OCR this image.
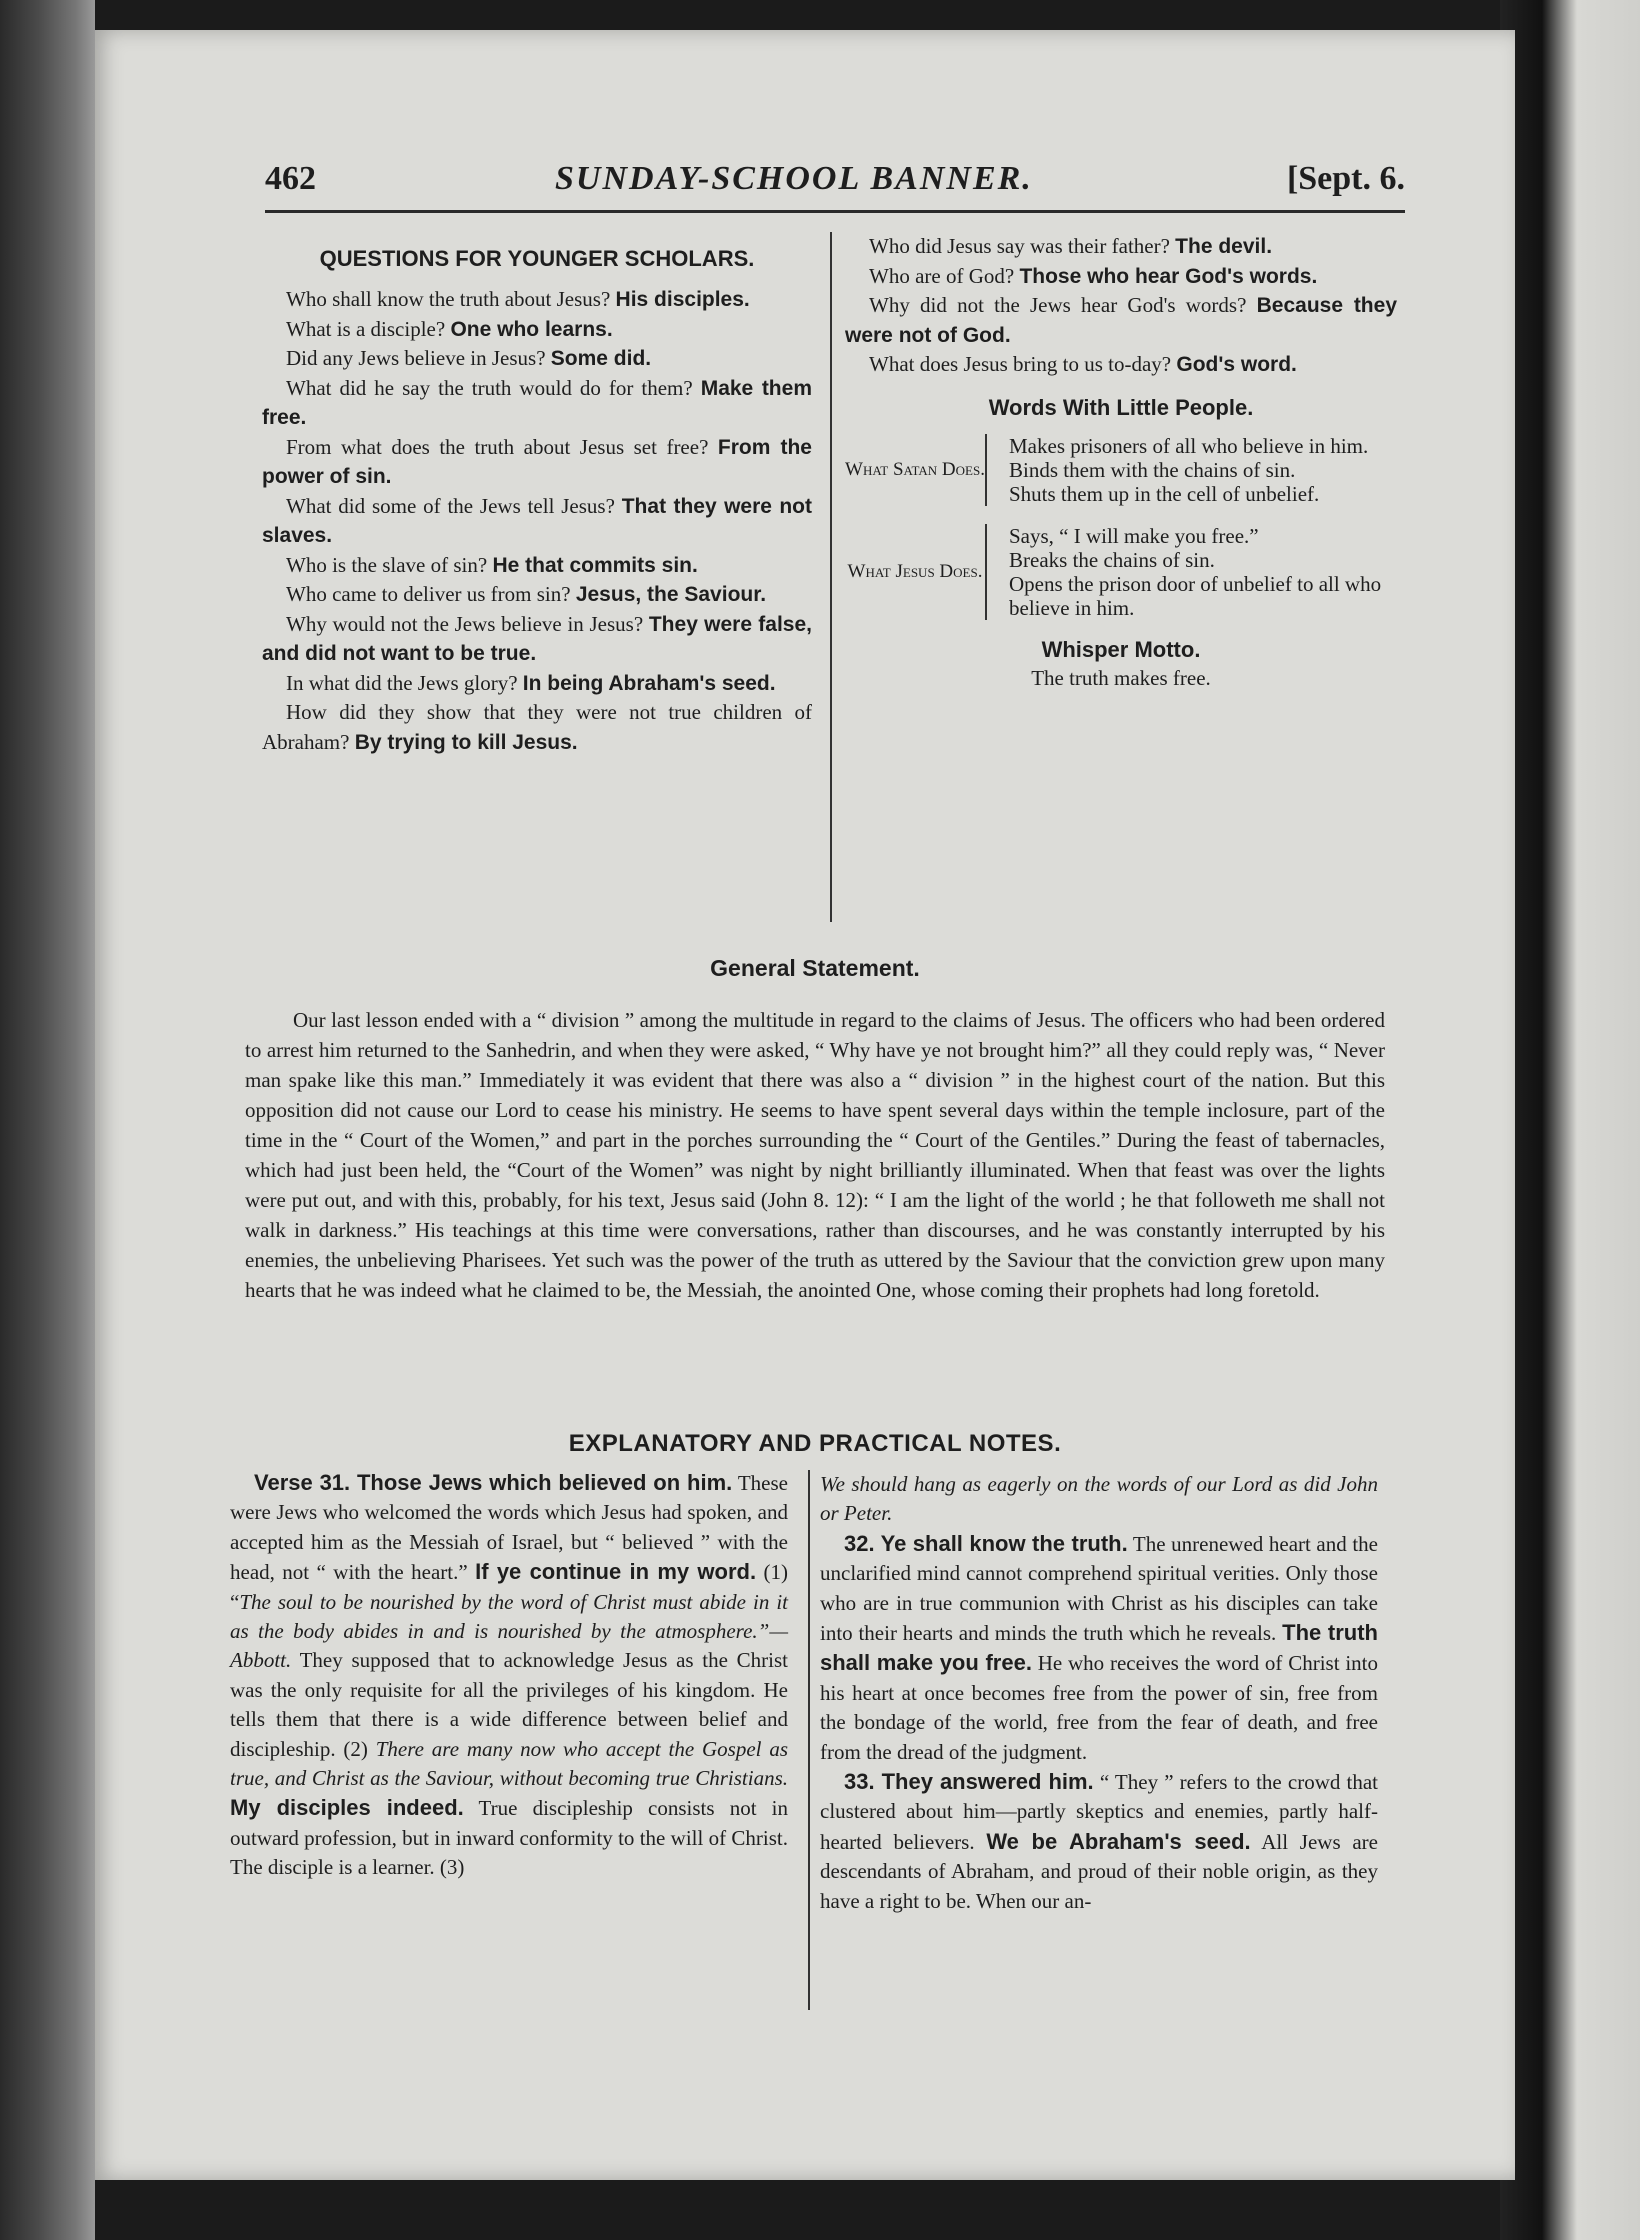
462	SUNDAY-SCHOOL BANNER.	[Sept. 6.

QUESTIONS FOR YOUNGER SCHOLARS.

Who shall know the truth about Jesus? His disciples.

What is a disciple? One who learns.

Did any Jews believe in Jesus? Some did.

What did he say the truth would do for them? Make them free.

From what does the truth about Jesus set free? From the power of sin.

What did some of the Jews tell Jesus? That they were not slaves.

Who is the slave of sin? He that commits sin.

Who came to deliver us from sin? Jesus, the Saviour.

Why would not the Jews believe in Jesus? They were false, and did not want to be true.

In what did the Jews glory? In being Abraham's seed.

How did they show that they were not true children of Abraham? By trying to kill Jesus.

Who did Jesus say was their father? The devil.

Who are of God? Those who hear God's words.

Why did not the Jews hear God's words? Because they were not of God.

What does Jesus bring to us to-day? God's word.

Words With Little People.

What Satan Does.		
Makes prisoners of all who believe in him.
Binds them with the chains of sin.
Shuts them up in the cell of unbelief.
What Jesus Does.		
Says, “ I will make you free.”
Breaks the chains of sin.
Opens the prison door of unbelief to all who believe in him.

Whisper Motto.

The truth makes free.

General Statement.

Our last lesson ended with a “ division ” among the multitude in regard to the claims of Jesus. The officers who had been ordered to arrest him returned to the Sanhedrin, and when they were asked, “ Why have ye not brought him?” all they could reply was, “ Never man spake like this man.” Immediately it was evident that there was also a “ division ” in the highest court of the nation. But this opposition did not cause our Lord to cease his ministry. He seems to have spent several days within the temple inclosure, part of the time in the “ Court of the Women,” and part in the porches surrounding the “ Court of the Gentiles.” During the feast of tabernacles, which had just been held, the “Court of the Women” was night by night brilliantly illuminated. When that feast was over the lights were put out, and with this, probably, for his text, Jesus said (John 8. 12): “ I am the light of the world ; he that followeth me shall not walk in darkness.” His teachings at this time were conversations, rather than discourses, and he was constantly interrupted by his enemies, the unbelieving Pharisees. Yet such was the power of the truth as uttered by the Saviour that the conviction grew upon many hearts that he was indeed what he claimed to be, the Messiah, the anointed One, whose coming their prophets had long foretold.

EXPLANATORY AND PRACTICAL NOTES.

Verse 31. Those Jews which believed on him. These were Jews who welcomed the words which Jesus had spoken, and accepted him as the Messiah of Israel, but “ believed ” with the head, not “ with the heart.” If ye continue in my word. (1) “The soul to be nourished by the word of Christ must abide in it as the body abides in and is nourished by the atmosphere.”—Abbott. They supposed that to acknowledge Jesus as the Christ was the only requisite for all the privileges of his kingdom. He tells them that there is a wide difference between belief and discipleship. (2) There are many now who accept the Gospel as true, and Christ as the Saviour, without becoming true Christians. My disciples indeed. True discipleship consists not in outward profession, but in inward conformity to the will of Christ. The disciple is a learner. (3)

We should hang as eagerly on the words of our Lord as did John or Peter.

32. Ye shall know the truth. The unrenewed heart and the unclarified mind cannot comprehend spiritual verities. Only those who are in true communion with Christ as his disciples can take into their hearts and minds the truth which he reveals. The truth shall make you free. He who receives the word of Christ into his heart at once becomes free from the power of sin, free from the bondage of the world, free from the fear of death, and free from the dread of the judgment.

33. They answered him. “ They ” refers to the crowd that clustered about him—partly skeptics and enemies, partly half-hearted believers. We be Abraham's seed. All Jews are descendants of Abraham, and proud of their noble origin, as they have a right to be. When our an-
